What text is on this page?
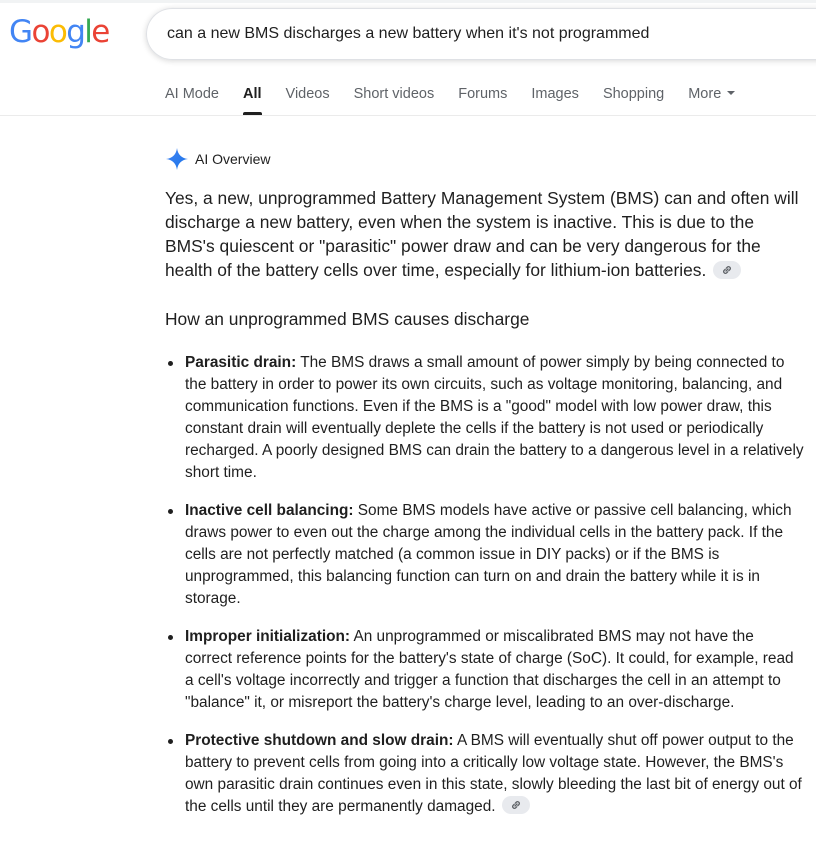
Google
can a new BMS discharges a new battery when it's not programmed
AI Mode All Videos Short videos Forums Images Shopping More
AI Overview

Yes, a new, unprogrammed Battery Management System (BMS) can and often will discharge a new battery, even when the system is inactive. This is due to the BMS's quiescent or "parasitic" power draw and can be very dangerous for the health of the battery cells over time, especially for lithium-ion batteries.

How an unprogrammed BMS causes discharge
Parasitic drain: The BMS draws a small amount of power simply by being connected to the battery in order to power its own circuits, such as voltage monitoring, balancing, and communication functions. Even if the BMS is a "good" model with low power draw, this constant drain will eventually deplete the cells if the battery is not used or periodically recharged. A poorly designed BMS can drain the battery to a dangerous level in a relatively short time.
Inactive cell balancing: Some BMS models have active or passive cell balancing, which draws power to even out the charge among the individual cells in the battery pack. If the cells are not perfectly matched (a common issue in DIY packs) or if the BMS is unprogrammed, this balancing function can turn on and drain the battery while it is in storage.
Improper initialization: An unprogrammed or miscalibrated BMS may not have the correct reference points for the battery's state of charge (SoC). It could, for example, read a cell's voltage incorrectly and trigger a function that discharges the cell in an attempt to "balance" it, or misreport the battery's charge level, leading to an over-discharge.
Protective shutdown and slow drain: A BMS will eventually shut off power output to the battery to prevent cells from going into a critically low voltage state. However, the BMS's own parasitic drain continues even in this state, slowly bleeding the last bit of energy out of the cells until they are permanently damaged.
